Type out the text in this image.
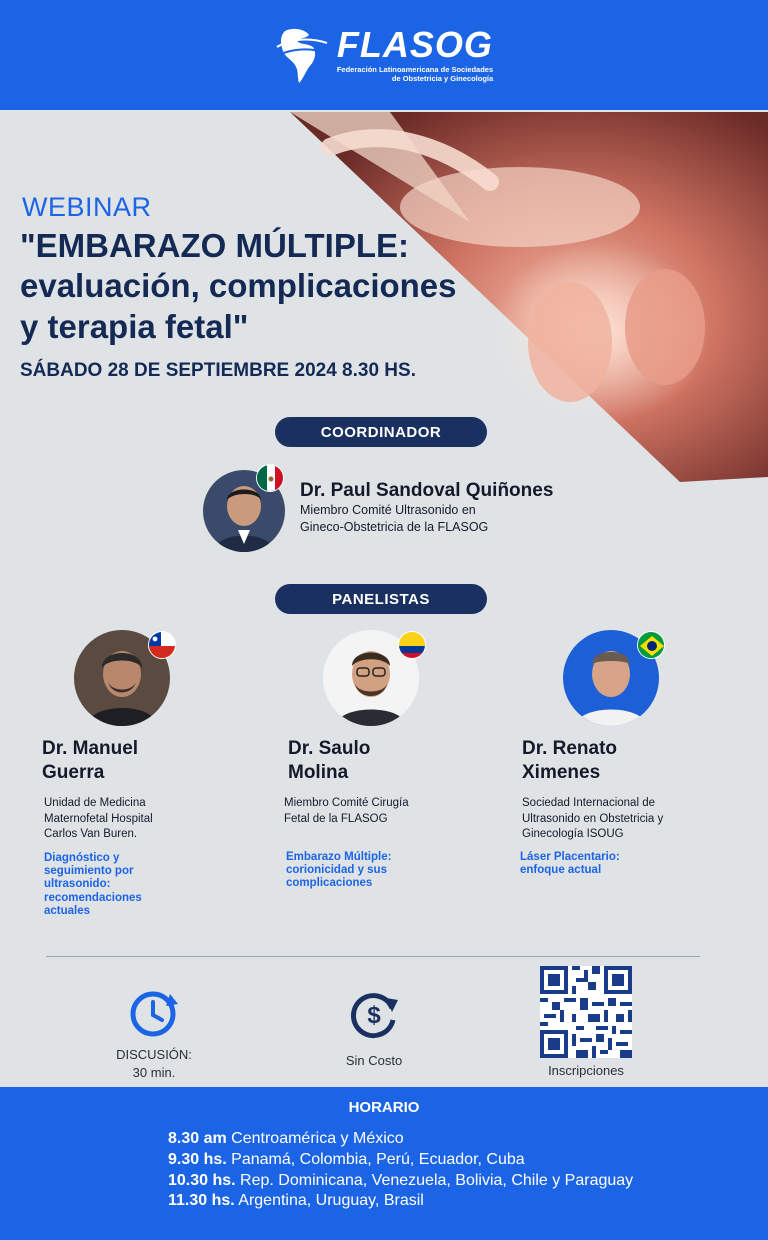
FLASOG
Federación Latinoamericana de Sociedades
de Obstetricia y Ginecología
WEBINAR
"EMBARAZO MÚLTIPLE:
evaluación, complicaciones
y terapia fetal"
SÁBADO 28 DE SEPTIEMBRE 2024 8.30 HS.
COORDINADOR
Dr. Paul Sandoval Quiñones
Miembro Comité Ultrasonido en
Gineco-Obstetricia de la FLASOG
PANELISTAS
Dr. Manuel
Guerra
Unidad de Medicina
Maternofetal Hospital
Carlos Van Buren.
Diagnóstico y
seguimiento por
ultrasonido:
recomendaciones
actuales
Dr. Saulo
Molina
Miembro Comité Cirugía
Fetal de la FLASOG
Embarazo Múltiple:
corionicidad y sus
complicaciones
Dr. Renato
Ximenes
Sociedad Internacional de
Ultrasonido en Obstetricia y
Ginecología ISOUG
Láser Placentario:
enfoque actual
DISCUSIÓN:
30 min.
$
Sin Costo
Inscripciones
HORARIO
8.30 am Centroamérica y México
9.30 hs. Panamá, Colombia, Perú, Ecuador, Cuba
10.30 hs. Rep. Dominicana, Venezuela, Bolivia, Chile y Paraguay
11.30 hs. Argentina, Uruguay, Brasil
